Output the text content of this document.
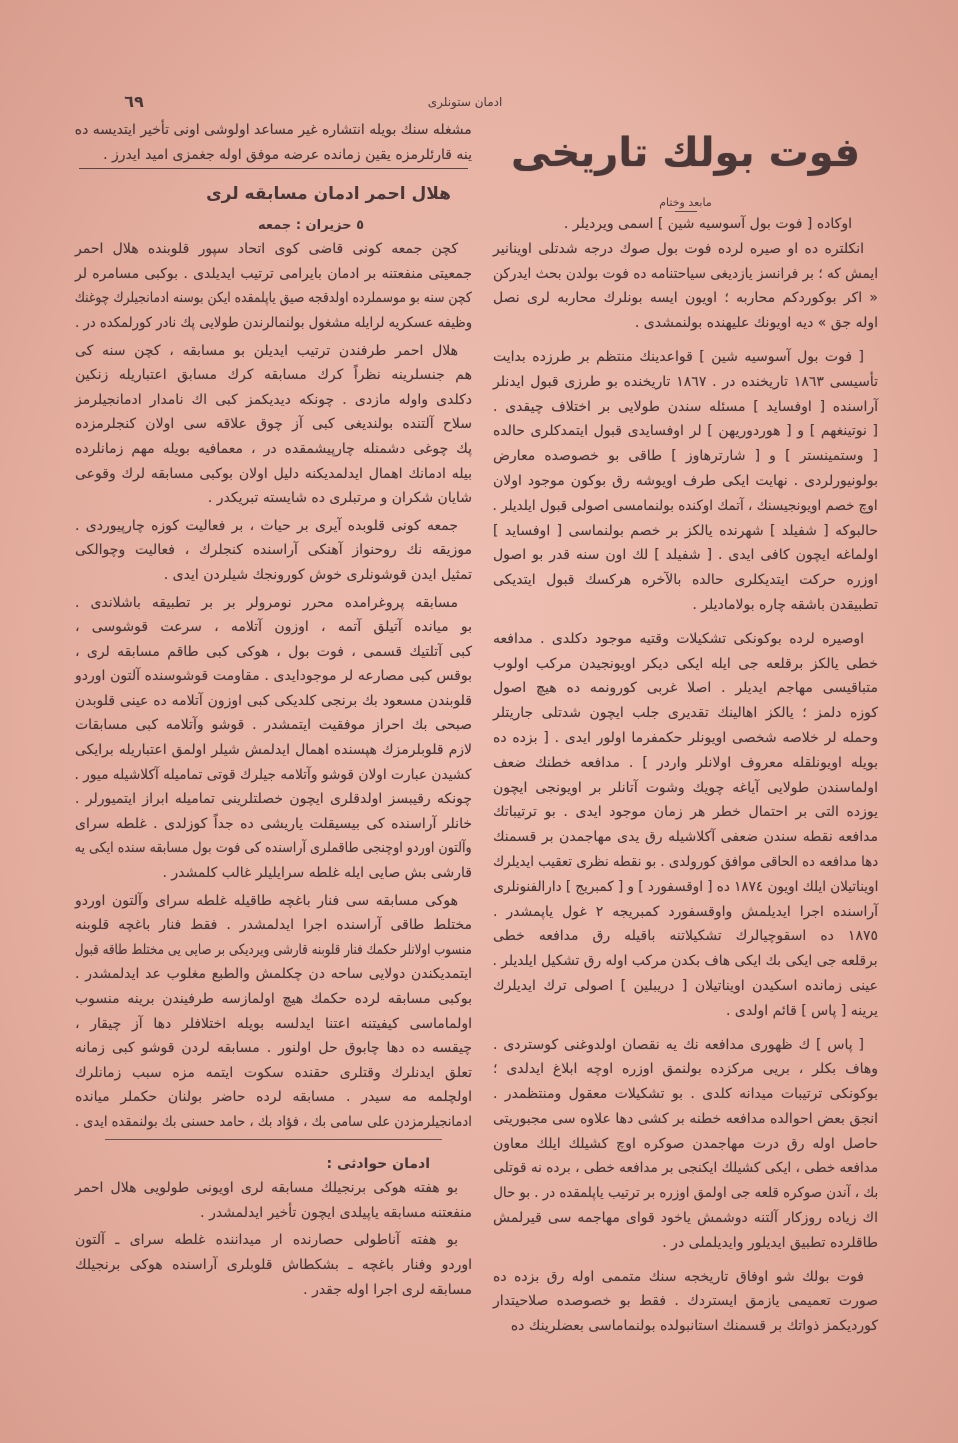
٦٩	ادمان ستونلری
مشغله سنك بويله انتشاره غير مساعد اولوشی اونی تأخير ايتديسه ده
ينه قارئلرمزه يقين زمانده عرضه موفق اوله جغمزی اميد ايدرز .
هلال احمر ادمان مسابقه لری
٥ حزيران : جمعه
كچن جمعه كونی قاضی كوی اتحاد سپور قلوبنده هلال احمر
جمعيتی منفعتنه بر ادمان بايرامی ترتيب ايديلدی . بوكبی مسامره لر
كچن سنه بو موسملرده اولدقجه صيق ياپلمقده ايكن بوسنه ادمانجيلرك چوغنك
وظيفه عسكريه لرايله مشغول بولنمالرندن طولايی پك نادر كورلمكده در .
هلال احمر طرفندن ترتيب ايديلن بو مسابقه ، كچن سنه كی
هم جنسلرينه نظراً كرك مسابقه كرك مسابق اعتباريله زنكين
دكلدی واوله مازدی . چونكه ديديكمز كبی اك نامدار ادمانجيلرمز
سلاح آلتنده بولنديغی كبی آز چوق علاقه سی اولان كنجلرمزده
پك چوغی دشمنله چارپيشمقده در ، معمافيه بويله مهم زمانلرده
بيله ادمانك اهمال ايدلمديكنه دليل اولان بوكبی مسابقه لرك وقوعی
شايان شكران و مرتبلری ده شايسته تبريكدر .
جمعه كونی قلوبده آيری بر حيات ، بر فعاليت كوزه چارپيوردی .
موزيقه نك روحنواز آهنكی آراسنده كنجلرك ، فعاليت وچوالكی
تمثيل ايدن قوشونلری خوش كورونجك شيلردن ايدی .
مسابقه پروغرامده محرر نومرولر بر بر تطبيقه باشلاندی .
بو ميانده آتيلق آتمه ، اوزون آتلامه ، سرعت قوشوسی ،
كبی آتلتيك قسمی ، فوت بول ، هوكی كبی طاقم مسابقه لری ،
بوقس كبی مصارعه لر موجودايدی . مقاومت قوشوسنده آلتون اوردو
قلوبندن مسعود بك برنجی كلديكی كبی اوزون آتلامه ده عينی قلوبدن
صبحی بك احراز موفقيت ايتمشدر . قوشو وآتلامه كبی مسابقات
لازم قلوبلرمزك هپسنده اهمال ايدلمش شيلر اولمق اعتباريله برايكی
كشيدن عبارت اولان قوشو وآتلامه جيلرك قوتی تماميله آكلاشيله ميور .
چونكه رقيبسز اولدقلری ايچون خصلتلرينی تماميله ابراز ايتميورلر .
خانلر آراسنده كی بيسيقلت ياريشی ده جداً كوزلدی . غلطه سرای
وآلتون اوردو اوچنجی طاقملری آراسنده كی فوت بول مسابقه سنده ايكی يه
قارشی بش صايی ايله غلطه سرايليلر غالب كلمشدر .
هوكی مسابقه سی فنار باغچه طاقيله غلطه سرای وآلتون اوردو
مختلط طاقی آراسنده اجرا ايدلمشدر . فقط فنار باغچه قلوبنه
منسوب اولانلر حكمك فنار قلوبنه قارشی ويرديكی بر صايی يی مختلط طاقه قبول
ايتمديكندن دولايی ساحه دن چكلمش والطبع مغلوب عد ايدلمشدر .
بوكبی مسابقه لرده حكمك هيچ اولمازسه طرفيندن برينه منسوب
اولماماسی كيفيتنه اعتنا ايدلسه بويله اختلافلر دها آز چيقار ،
چيقسه ده دها چابوق حل اولنور . مسابقه لردن قوشو كبی زمانه
تعلق ايدنلرك وقتلری حقنده سكوت ايتمه مزه سبب زمانلرك
اولچلمه مه سيدر . مسابقه لرده حاضر بولنان حكملر ميانده
ادمانجيلرمزدن علی سامی بك ، فؤاد بك ، حامد حسنی بك بولنمقده ايدی .
ادمان حوادثی :
بو هفته هوكی برنجيلك مسابقه لری اويونی طولويی هلال احمر
منفعتنه مسابقه ياپيلدی ايچون تأخير ايدلمشدر .
بو هفته آناطولی حصارنده ار ميداننده غلطه سرای ـ آلتون
اوردو وفنار باغچه ـ بشكطاش قلوبلری آراسنده هوكی برنجيلك
مسابقه لری اجرا اوله جقدر .
فوت بولك تاريخی
مابعد وختام
اوكاده [ فوت بول آسوسيه شين ] اسمی ويرديلر .
انكلتره ده او صيره لرده فوت بول صوك درجه شدتلی اوينانير
ايمش كه ؛ بر فرانسز يازديغی سياحتنامه ده فوت بولدن بحث ايدركن
« اكر بوكوردكم محاربه ؛ اويون ايسه بونلرك محاربه لری نصل
اوله جق » ديه اويونك عليهنده بولنمشدی .
[ فوت بول آسوسيه شين ] قواعدينك منتظم بر طرزده بدايت
تأسيسی ١٨٦٣ تاريخنده در . ١٨٦٧ تاريخنده بو طرزی قبول ايدنلر
آراسنده [ اوفسايد ] مسئله سندن طولايی بر اختلاف چيقدی .
[ نوتينغهم ] و [ هوردوريهن ] لر اوفسايدی قبول ايتمدكلری حالده
[ وستمينستر ] و [ شارترهاوز ] طاقی بو خصوصده معارض
بولونيورلردی . نهايت ايكی طرف اويوشه رق بوكون موجود اولان
اوچ خصم اويونجيسنك ، آتمك اوكنده بولنمامسی اصولی قبول ايلديلر .
حالبوكه [ شفيلد ] شهرنده يالكز بر خصم بولنماسی [ اوفسايد ]
اولماغه ايچون كافی ايدی . [ شفيلد ] لك اون سنه قدر بو اصول
اوزره حركت ايتديكلری حالده بالآخره هركسك قبول ايتديكی
تطبيقدن باشقه چاره بولامادیلر .
اوصيره لرده بوكونكی تشكيلات وقتيه موجود دكلدی . مدافعه
خطی يالكز برقلعه جی ايله ايكی ديكر اويونجيدن مركب اولوب
متباقيسی مهاجم ايديلر . اصلا غربی كورونمه ده هيچ اصول
كوزه دلمز ؛ يالكز اهالينك تقديری جلب ايچون شدتلی جاريتلر
وحمله لر خلاصه شخصی اويونلر حكمفرما اولور ايدی . [ بزده ده
بويله اويونلقله معروف اولانلر واردر ] . مدافعه خطنك ضعف
اولماسندن طولايی آياغه چويك وشوت آتانلر بر اويونجی ايچون
يوزده التی بر احتمال خطر هر زمان موجود ايدی . بو ترتيباتك
مدافعه نقطه سندن ضعفی آكلاشيله رق يدی مهاجمدن بر قسمنك
دها مدافعه ده الحاقی موافق كورولدی . بو نقطه نظری تعقيب ايديلرك
اويناتيلان ايلك اويون ١٨٧٤ ده [ اوقسفورد ] و [ كمبريج ] دارالفنونلری
آراسنده اجرا ايديلمش واوقسفورد كمبريجه ٢ غول ياپمشدر .
١٨٧٥ ده اسقوچيالرك تشكيلاتنه باقيله رق مدافعه خطی
برقلعه جی ايكی بك ايكی هاف بكدن مركب اوله رق تشكيل ايلديلر .
عينی زمانده اسكيدن اويناتيلان [ دريبلين ] اصولی ترك ايديلرك
يرينه [ پاس ] قائم اولدی .
[ پاس ] ك ظهوری مدافعه نك يه نقصان اولدوغنی كوستردی .
وهاف بكلر ، بريی مركزده بولنمق اوزره اوچه ابلاغ ايدلدی ؛
بوكونكی ترتيبات ميدانه كلدی . بو تشكيلات معقول ومنتظمدر .
انجق بعض احوالده مدافعه خطنه بر كشی دها علاوه سی مجبوريتی
حاصل اوله رق درت مهاجمدن صوكره اوچ كشيلك ايلك معاون
مدافعه خطی ، ايكی كشيلك ايكنجی بر مدافعه خطی ، برده نه قوتلی
بك ، آندن صوكره قلعه جی اولمق اوزره بر ترتيب ياپلمقده در . بو حال
اك زياده روزكار آلتنه دوشمش ياخود قوای مهاجمه سی قيرلمش
طاقلرده تطبيق ايديلور وايديلملی در .
فوت بولك شو اوفاق تاريخجه سنك متممی اوله رق بزده ده
صورت تعميمی يازمق ايستردك . فقط بو خصوصده صلاحيتدار
كورديكمز ذواتك بر قسمنك استانبولده بولنماماسی بعضلرينك ده
